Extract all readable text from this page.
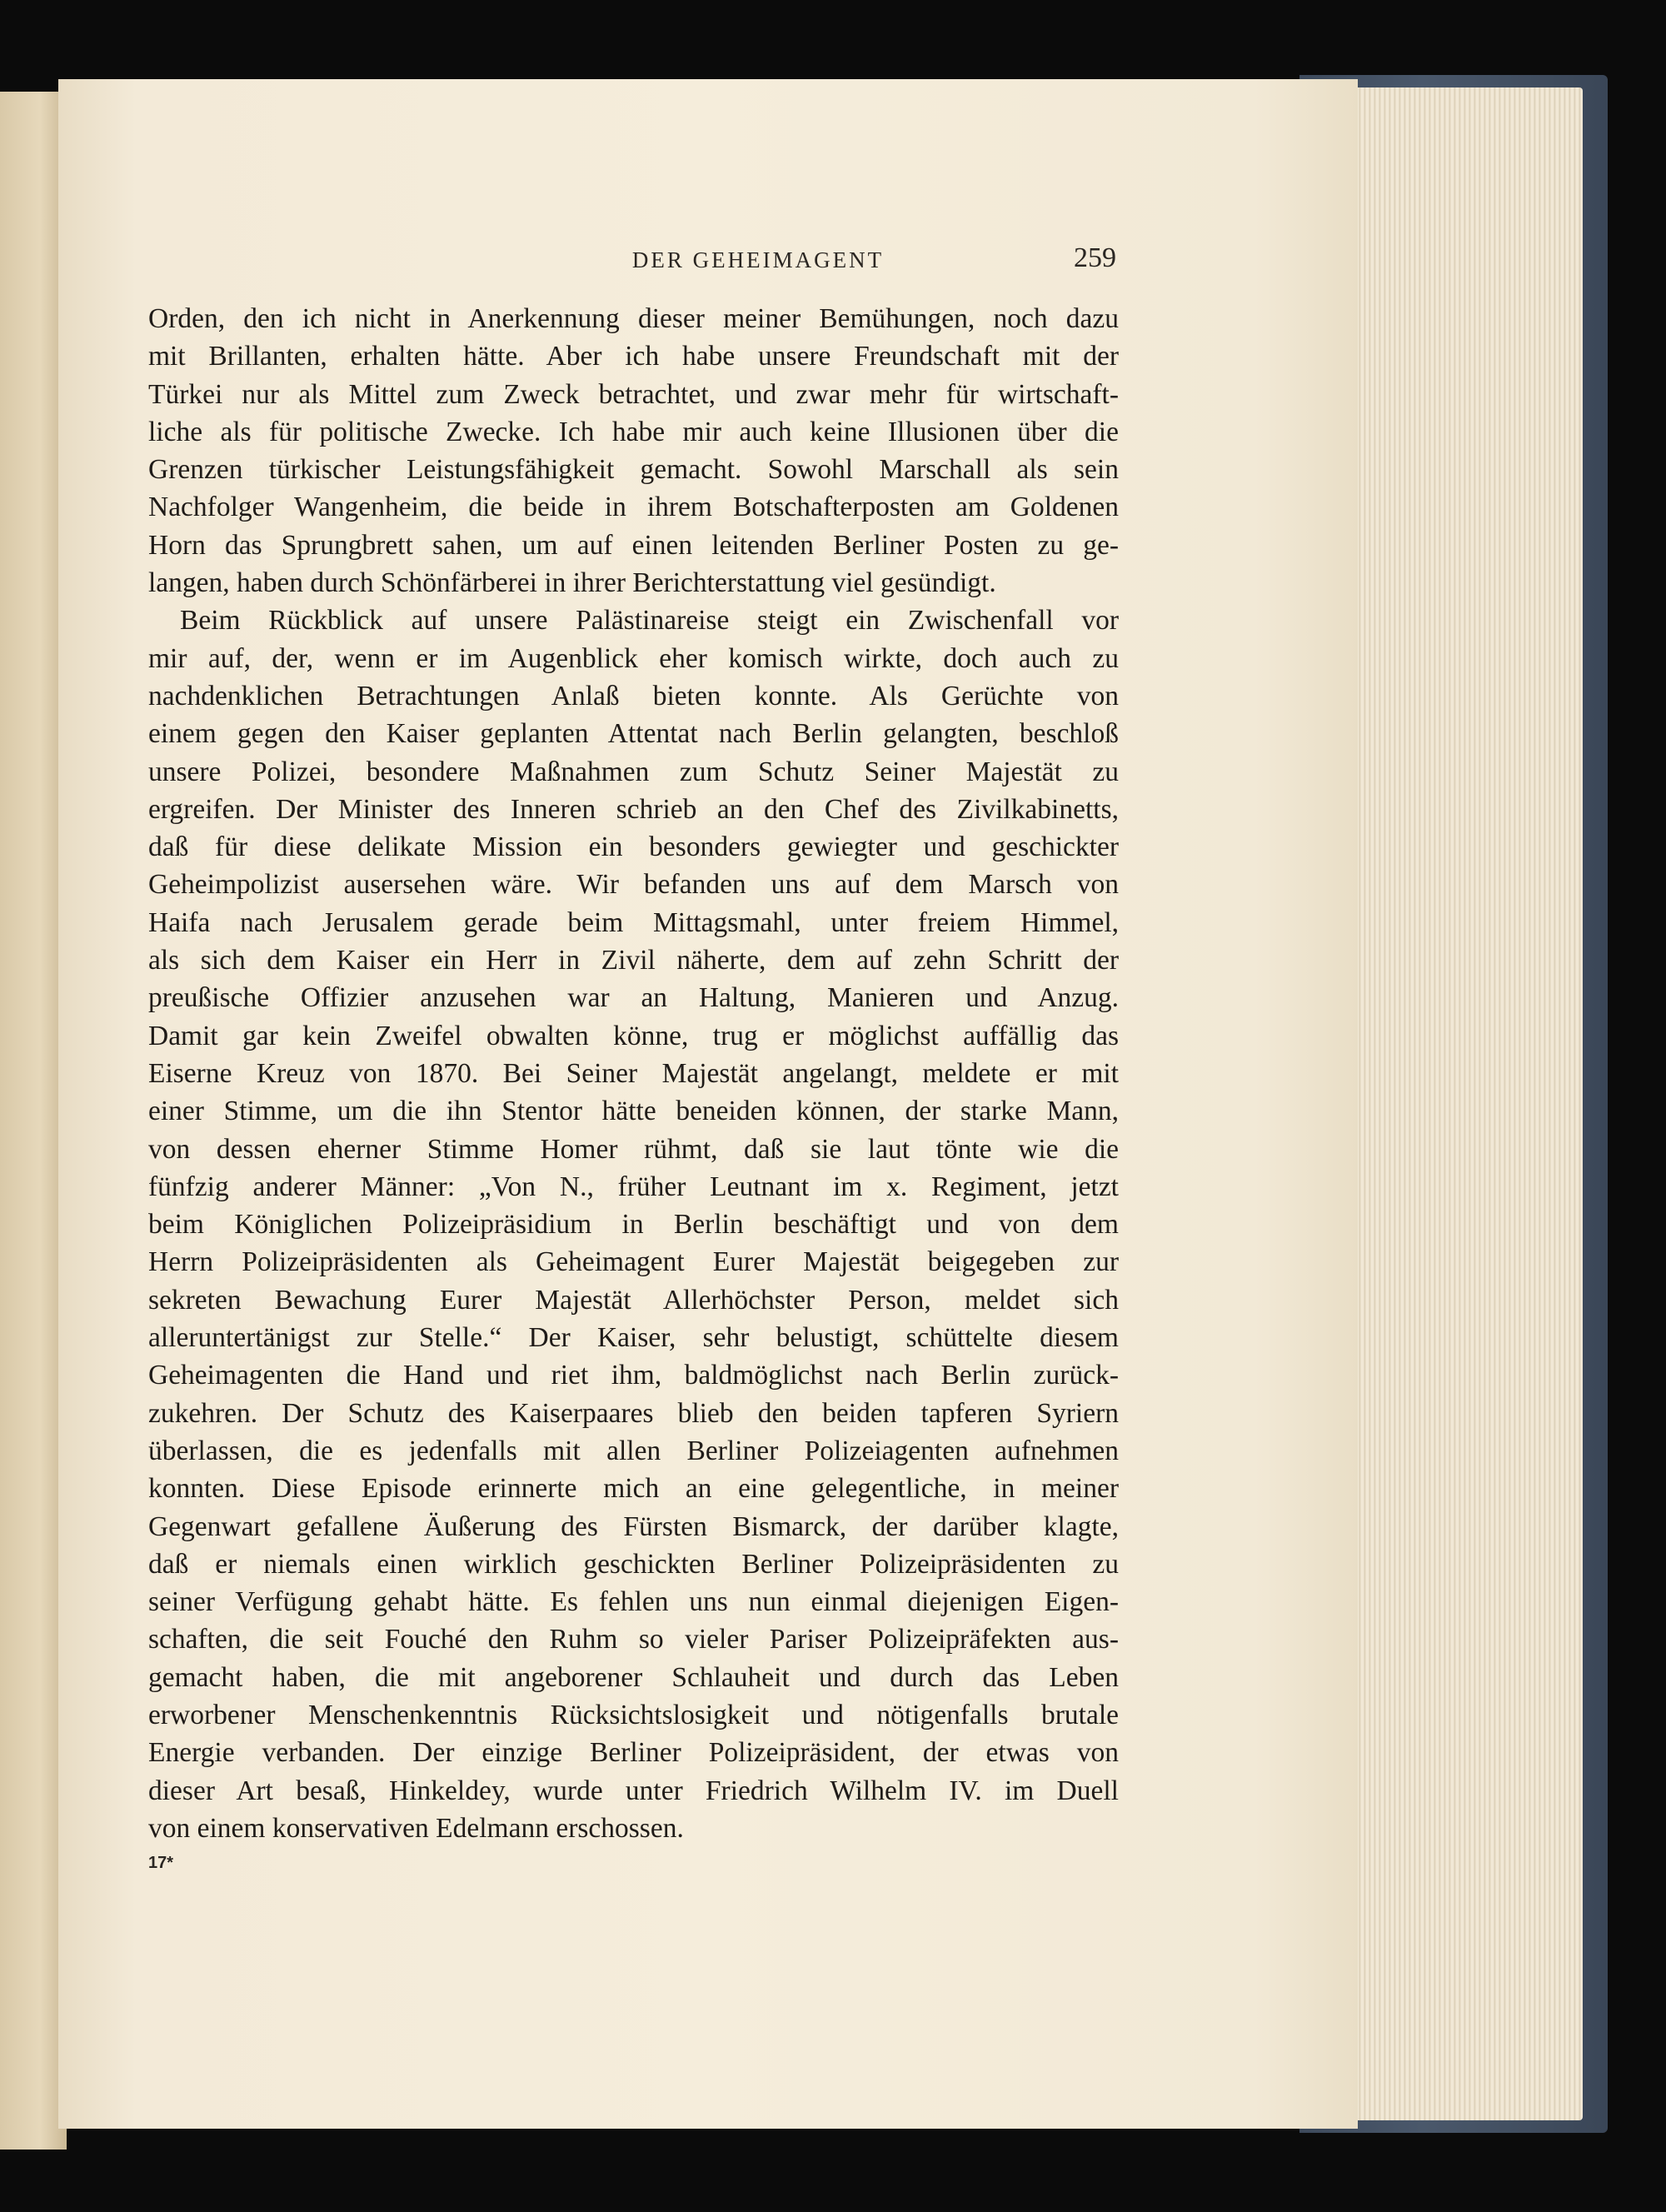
DER GEHEIMAGENT	259
Orden, den ich nicht in Anerkennung dieser meiner Bemühungen, noch dazu
mit Brillanten, erhalten hätte. Aber ich habe unsere Freundschaft mit der
Türkei nur als Mittel zum Zweck betrachtet, und zwar mehr für wirtschaft-
liche als für politische Zwecke. Ich habe mir auch keine Illusionen über die
Grenzen türkischer Leistungsfähigkeit gemacht. Sowohl Marschall als sein
Nachfolger Wangenheim, die beide in ihrem Botschafterposten am Goldenen
Horn das Sprungbrett sahen, um auf einen leitenden Berliner Posten zu ge-
langen, haben durch Schönfärberei in ihrer Berichterstattung viel gesündigt.
Beim Rückblick auf unsere Palästinareise steigt ein Zwischenfall vor
mir auf, der, wenn er im Augenblick eher komisch wirkte, doch auch zu
nachdenklichen Betrachtungen Anlaß bieten konnte. Als Gerüchte von
einem gegen den Kaiser geplanten Attentat nach Berlin gelangten, beschloß
unsere Polizei, besondere Maßnahmen zum Schutz Seiner Majestät zu
ergreifen. Der Minister des Inneren schrieb an den Chef des Zivilkabinetts,
daß für diese delikate Mission ein besonders gewiegter und geschickter
Geheimpolizist ausersehen wäre. Wir befanden uns auf dem Marsch von
Haifa nach Jerusalem gerade beim Mittagsmahl, unter freiem Himmel,
als sich dem Kaiser ein Herr in Zivil näherte, dem auf zehn Schritt der
preußische Offizier anzusehen war an Haltung, Manieren und Anzug.
Damit gar kein Zweifel obwalten könne, trug er möglichst auffällig das
Eiserne Kreuz von 1870. Bei Seiner Majestät angelangt, meldete er mit
einer Stimme, um die ihn Stentor hätte beneiden können, der starke Mann,
von dessen eherner Stimme Homer rühmt, daß sie laut tönte wie die
fünfzig anderer Männer: „Von N., früher Leutnant im x. Regiment, jetzt
beim Königlichen Polizeipräsidium in Berlin beschäftigt und von dem
Herrn Polizeipräsidenten als Geheimagent Eurer Majestät beigegeben zur
sekreten Bewachung Eurer Majestät Allerhöchster Person, meldet sich
alleruntertänigst zur Stelle.“ Der Kaiser, sehr belustigt, schüttelte diesem
Geheimagenten die Hand und riet ihm, baldmöglichst nach Berlin zurück-
zukehren. Der Schutz des Kaiserpaares blieb den beiden tapferen Syriern
überlassen, die es jedenfalls mit allen Berliner Polizeiagenten aufnehmen
konnten. Diese Episode erinnerte mich an eine gelegentliche, in meiner
Gegenwart gefallene Äußerung des Fürsten Bismarck, der darüber klagte,
daß er niemals einen wirklich geschickten Berliner Polizeipräsidenten zu
seiner Verfügung gehabt hätte. Es fehlen uns nun einmal diejenigen Eigen-
schaften, die seit Fouché den Ruhm so vieler Pariser Polizeipräfekten aus-
gemacht haben, die mit angeborener Schlauheit und durch das Leben
erworbener Menschenkenntnis Rücksichtslosigkeit und nötigenfalls brutale
Energie verbanden. Der einzige Berliner Polizeipräsident, der etwas von
dieser Art besaß, Hinkeldey, wurde unter Friedrich Wilhelm IV. im Duell
von einem konservativen Edelmann erschossen.
17*
